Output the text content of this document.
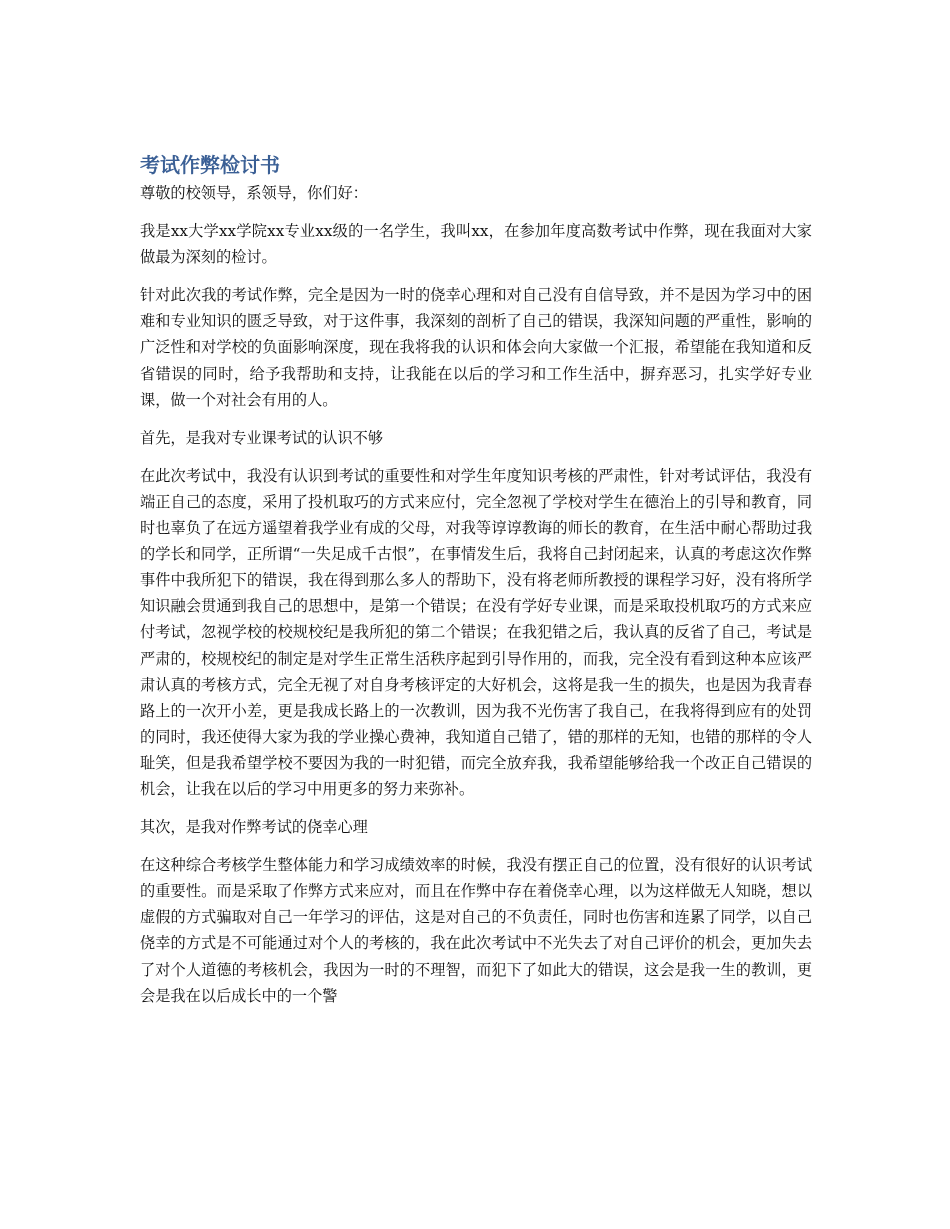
考试作弊检讨书

尊敬的校领导，系领导，你们好：

我是xx大学xx学院xx专业xx级的一名学生，我叫xx，在参加年度高数考试中作弊，现在我面对大家做最为深刻的检讨。

针对此次我的考试作弊，完全是因为一时的侥幸心理和对自己没有自信导致，并不是因为学习中的困难和专业知识的匮乏导致，对于这件事，我深刻的剖析了自己的错误，我深知问题的严重性，影响的广泛性和对学校的负面影响深度，现在我将我的认识和体会向大家做一个汇报，希望能在我知道和反省错误的同时，给予我帮助和支持，让我能在以后的学习和工作生活中，摒弃恶习，扎实学好专业课，做一个对社会有用的人。

首先，是我对专业课考试的认识不够

在此次考试中，我没有认识到考试的重要性和对学生年度知识考核的严肃性，针对考试评估，我没有端正自己的态度，采用了投机取巧的方式来应付，完全忽视了学校对学生在德治上的引导和教育，同时也辜负了在远方遥望着我学业有成的父母，对我等谆谆教诲的师长的教育，在生活中耐心帮助过我的学长和同学，正所谓“一失足成千古恨”，在事情发生后，我将自己封闭起来，认真的考虑这次作弊事件中我所犯下的错误，我在得到那么多人的帮助下，没有将老师所教授的课程学习好，没有将所学知识融会贯通到我自己的思想中，是第一个错误；在没有学好专业课，而是采取投机取巧的方式来应付考试，忽视学校的校规校纪是我所犯的第二个错误；在我犯错之后，我认真的反省了自己，考试是严肃的，校规校纪的制定是对学生正常生活秩序起到引导作用的，而我，完全没有看到这种本应该严肃认真的考核方式，完全无视了对自身考核评定的大好机会，这将是我一生的损失，也是因为我青春路上的一次开小差，更是我成长路上的一次教训，因为我不光伤害了我自己，在我将得到应有的处罚的同时，我还使得大家为我的学业操心费神，我知道自己错了，错的那样的无知，也错的那样的令人耻笑，但是我希望学校不要因为我的一时犯错，而完全放弃我，我希望能够给我一个改正自己错误的机会，让我在以后的学习中用更多的努力来弥补。

其次，是我对作弊考试的侥幸心理

在这种综合考核学生整体能力和学习成绩效率的时候，我没有摆正自己的位置，没有很好的认识考试的重要性。而是采取了作弊方式来应对，而且在作弊中存在着侥幸心理，以为这样做无人知晓，想以虚假的方式骗取对自己一年学习的评估，这是对自己的不负责任，同时也伤害和连累了同学，以自己侥幸的方式是不可能通过对个人的考核的，我在此次考试中不光失去了对自己评价的机会，更加失去了对个人道德的考核机会，我因为一时的不理智，而犯下了如此大的错误，这会是我一生的教训，更会是我在以后成长中的一个警
